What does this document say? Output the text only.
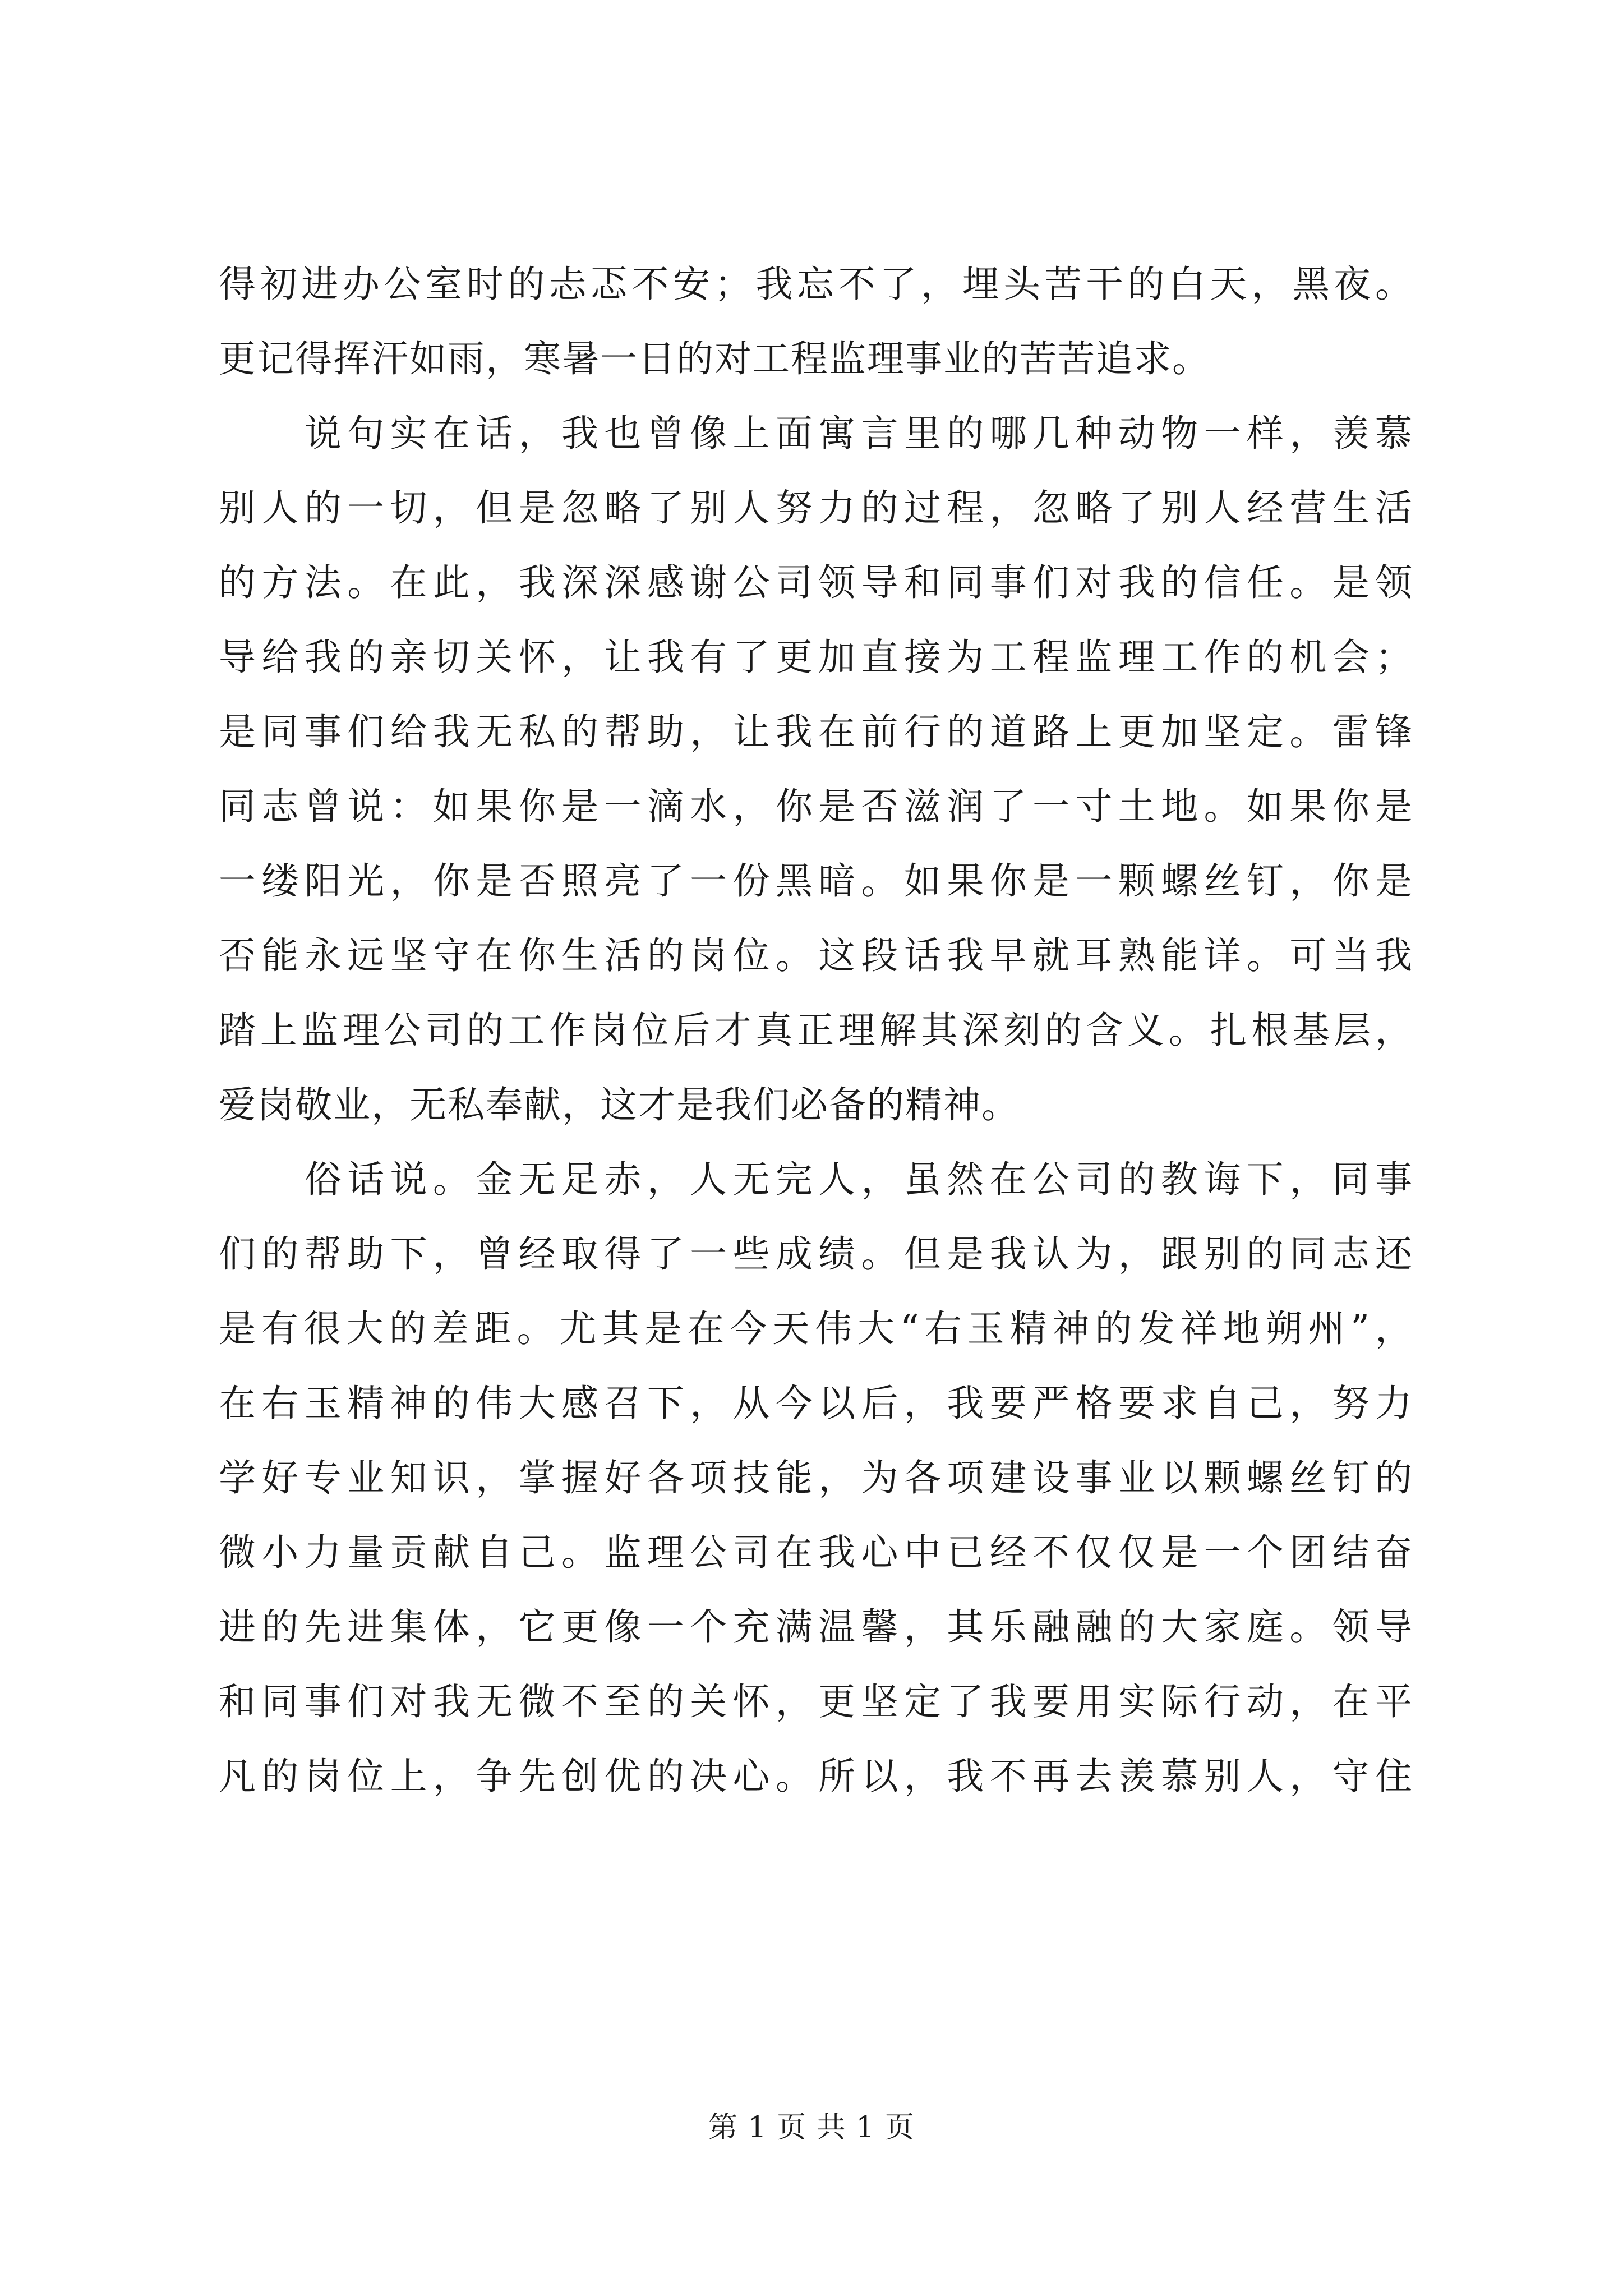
得初进办公室时的忐忑不安；我忘不了，埋头苦干的白天，黑夜。
更记得挥汗如雨，寒暑一日的对工程监理事业的苦苦追求。
　　说句实在话，我也曾像上面寓言里的哪几种动物一样，羡慕
别人的一切，但是忽略了别人努力的过程，忽略了别人经营生活
的方法。在此，我深深感谢公司领导和同事们对我的信任。是领
导给我的亲切关怀，让我有了更加直接为工程监理工作的机会；
是同事们给我无私的帮助，让我在前行的道路上更加坚定。雷锋
同志曾说：如果你是一滴水，你是否滋润了一寸土地。如果你是
一缕阳光，你是否照亮了一份黑暗。如果你是一颗螺丝钉，你是
否能永远坚守在你生活的岗位。这段话我早就耳熟能详。可当我
踏上监理公司的工作岗位后才真正理解其深刻的含义。扎根基层，
爱岗敬业，无私奉献，这才是我们必备的精神。
　　俗话说。金无足赤，人无完人，虽然在公司的教诲下，同事
们的帮助下，曾经取得了一些成绩。但是我认为，跟别的同志还
是有很大的差距。尤其是在今天伟大“右玉精神的发祥地朔州”，
在右玉精神的伟大感召下，从今以后，我要严格要求自己，努力
学好专业知识，掌握好各项技能，为各项建设事业以颗螺丝钉的
微小力量贡献自己。监理公司在我心中已经不仅仅是一个团结奋
进的先进集体，它更像一个充满温馨，其乐融融的大家庭。领导
和同事们对我无微不至的关怀，更坚定了我要用实际行动，在平
凡的岗位上，争先创优的决心。所以，我不再去羡慕别人，守住
第 1 页 共 1 页
